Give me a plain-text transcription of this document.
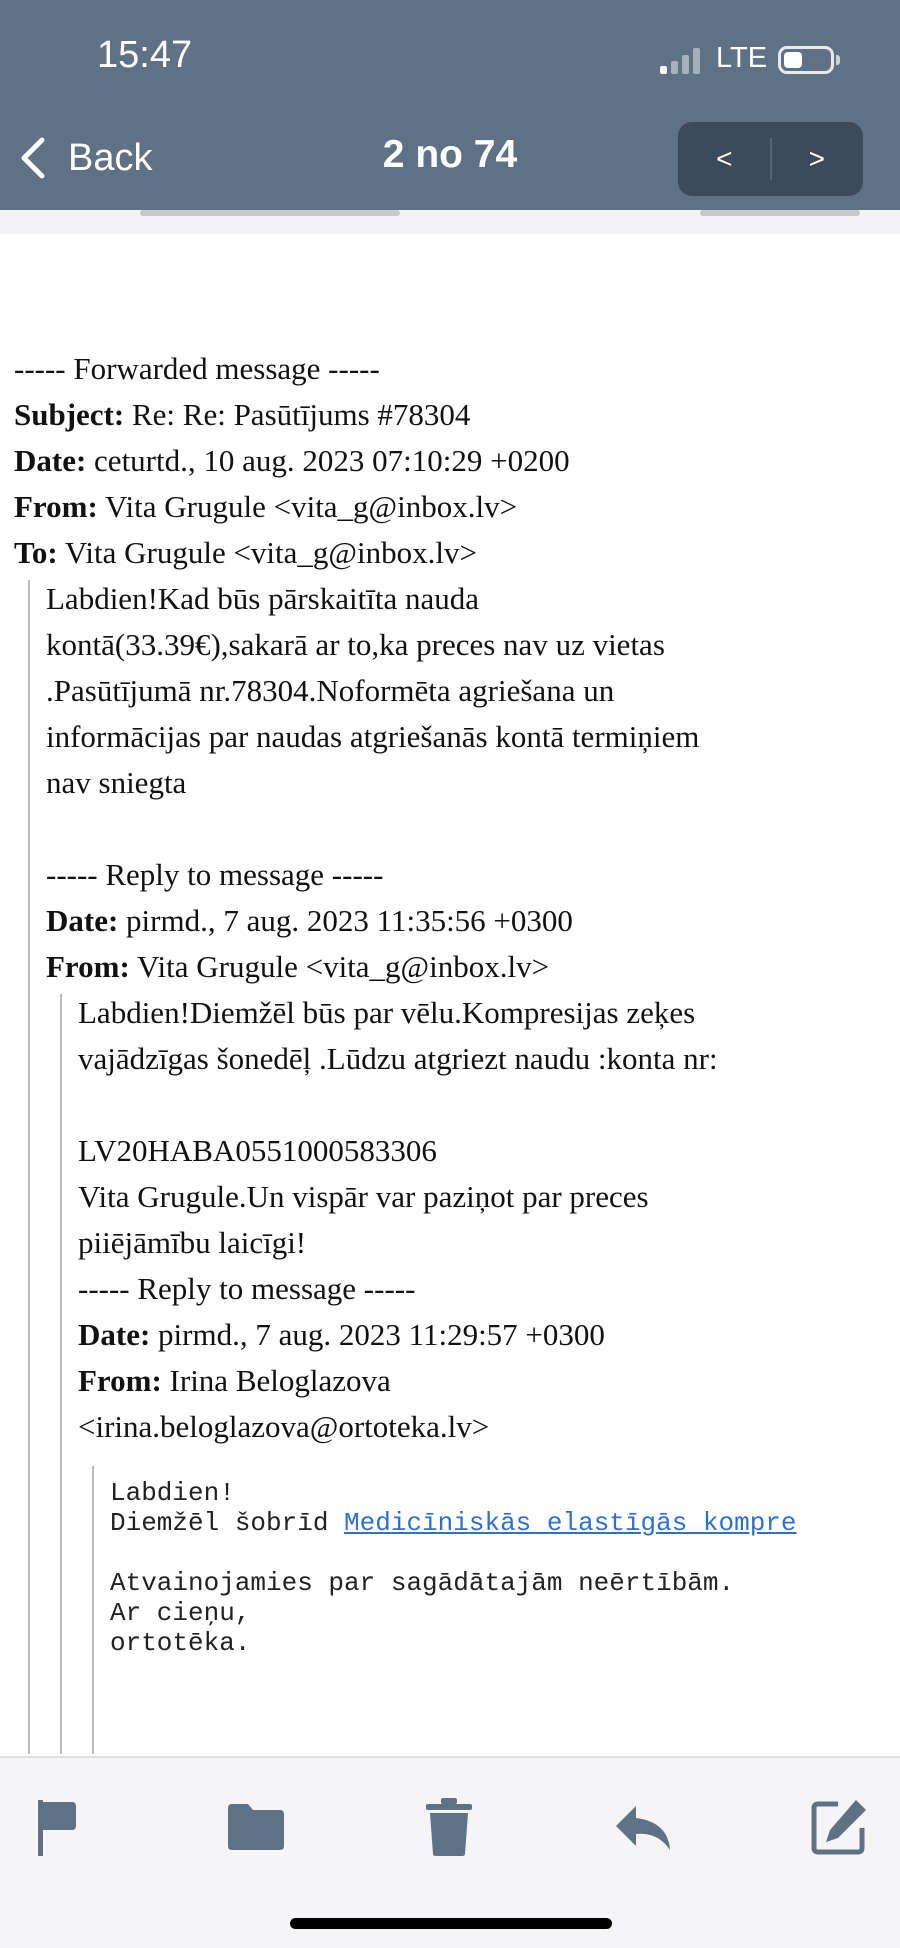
15:47	LTE
Back	2 no 74	<	>
----- Forwarded message -----
Subject: Re: Re: Pasūtījums #78304
Date: ceturtd., 10 aug. 2023 07:10:29 +0200
From: Vita Grugule <vita_g@inbox.lv>
To: Vita Grugule <vita_g@inbox.lv>
Labdien!Kad būs pārskaitīta nauda
kontā(33.39€),sakarā ar to,ka preces nav uz vietas
.Pasūtījumā nr.78304.Noformēta agriešana un
informācijas par naudas atgriešanās kontā termiņiem
nav sniegta
----- Reply to message -----
Date: pirmd., 7 aug. 2023 11:35:56 +0300
From: Vita Grugule <vita_g@inbox.lv>
Labdien!Diemžēl būs par vēlu.Kompresijas zeķes
vajādzīgas šonedēļ .Lūdzu atgriezt naudu :konta nr:
LV20HABA0551000583306
Vita Grugule.Un vispār var paziņot par preces
piiējāmību laicīgi!
----- Reply to message -----
Date: pirmd., 7 aug. 2023 11:29:57 +0300
From: Irina Beloglazova
<irina.beloglazova@ortoteka.lv>
Labdien!
Diemžēl šobrīd Medicīniskās elastīgās kompre
Atvainojamies par sagādātajām neērtībām.
Ar cieņu,
ortotēka.
